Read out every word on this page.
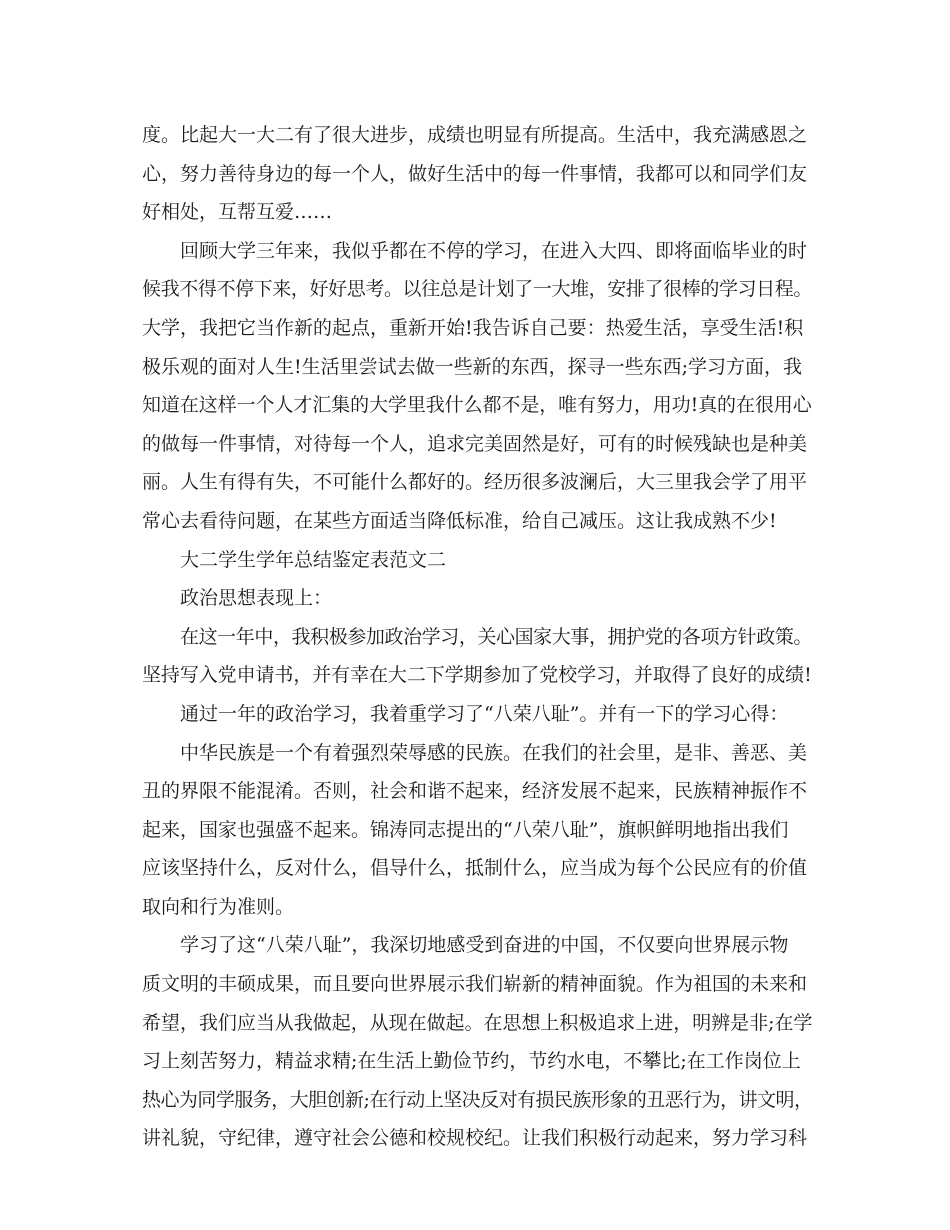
度。比起大一大二有了很大进步，成绩也明显有所提高。生活中，我充满感恩之
心，努力善待身边的每一个人，做好生活中的每一件事情，我都可以和同学们友
好相处，互帮互爱……
回顾大学三年来，我似乎都在不停的学习，在进入大四、即将面临毕业的时
候我不得不停下来，好好思考。以往总是计划了一大堆，安排了很棒的学习日程。
大学，我把它当作新的起点，重新开始!我告诉自己要：热爱生活，享受生活!积
极乐观的面对人生!生活里尝试去做一些新的东西，探寻一些东西;学习方面，我
知道在这样一个人才汇集的大学里我什么都不是，唯有努力，用功!真的在很用心
的做每一件事情，对待每一个人，追求完美固然是好，可有的时候残缺也是种美
丽。人生有得有失，不可能什么都好的。经历很多波澜后，大三里我会学了用平
常心去看待问题，在某些方面适当降低标准，给自己减压。这让我成熟不少!
大二学生学年总结鉴定表范文二
政治思想表现上：
在这一年中，我积极参加政治学习，关心国家大事，拥护党的各项方针政策。
坚持写入党申请书，并有幸在大二下学期参加了党校学习，并取得了良好的成绩!
通过一年的政治学习，我着重学习了“八荣八耻”。并有一下的学习心得：
中华民族是一个有着强烈荣辱感的民族。在我们的社会里，是非、善恶、美
丑的界限不能混淆。否则，社会和谐不起来，经济发展不起来，民族精神振作不
起来，国家也强盛不起来。锦涛同志提出的“八荣八耻”，旗帜鲜明地指出我们
应该坚持什么，反对什么，倡导什么，抵制什么，应当成为每个公民应有的价值
取向和行为准则。
学习了这“八荣八耻”，我深切地感受到奋进的中国，不仅要向世界展示物
质文明的丰硕成果，而且要向世界展示我们崭新的精神面貌。作为祖国的未来和
希望，我们应当从我做起，从现在做起。在思想上积极追求上进，明辨是非;在学
习上刻苦努力，精益求精;在生活上勤俭节约，节约水电，不攀比;在工作岗位上
热心为同学服务，大胆创新;在行动上坚决反对有损民族形象的丑恶行为，讲文明，
讲礼貌，守纪律，遵守社会公德和校规校纪。让我们积极行动起来，努力学习科
